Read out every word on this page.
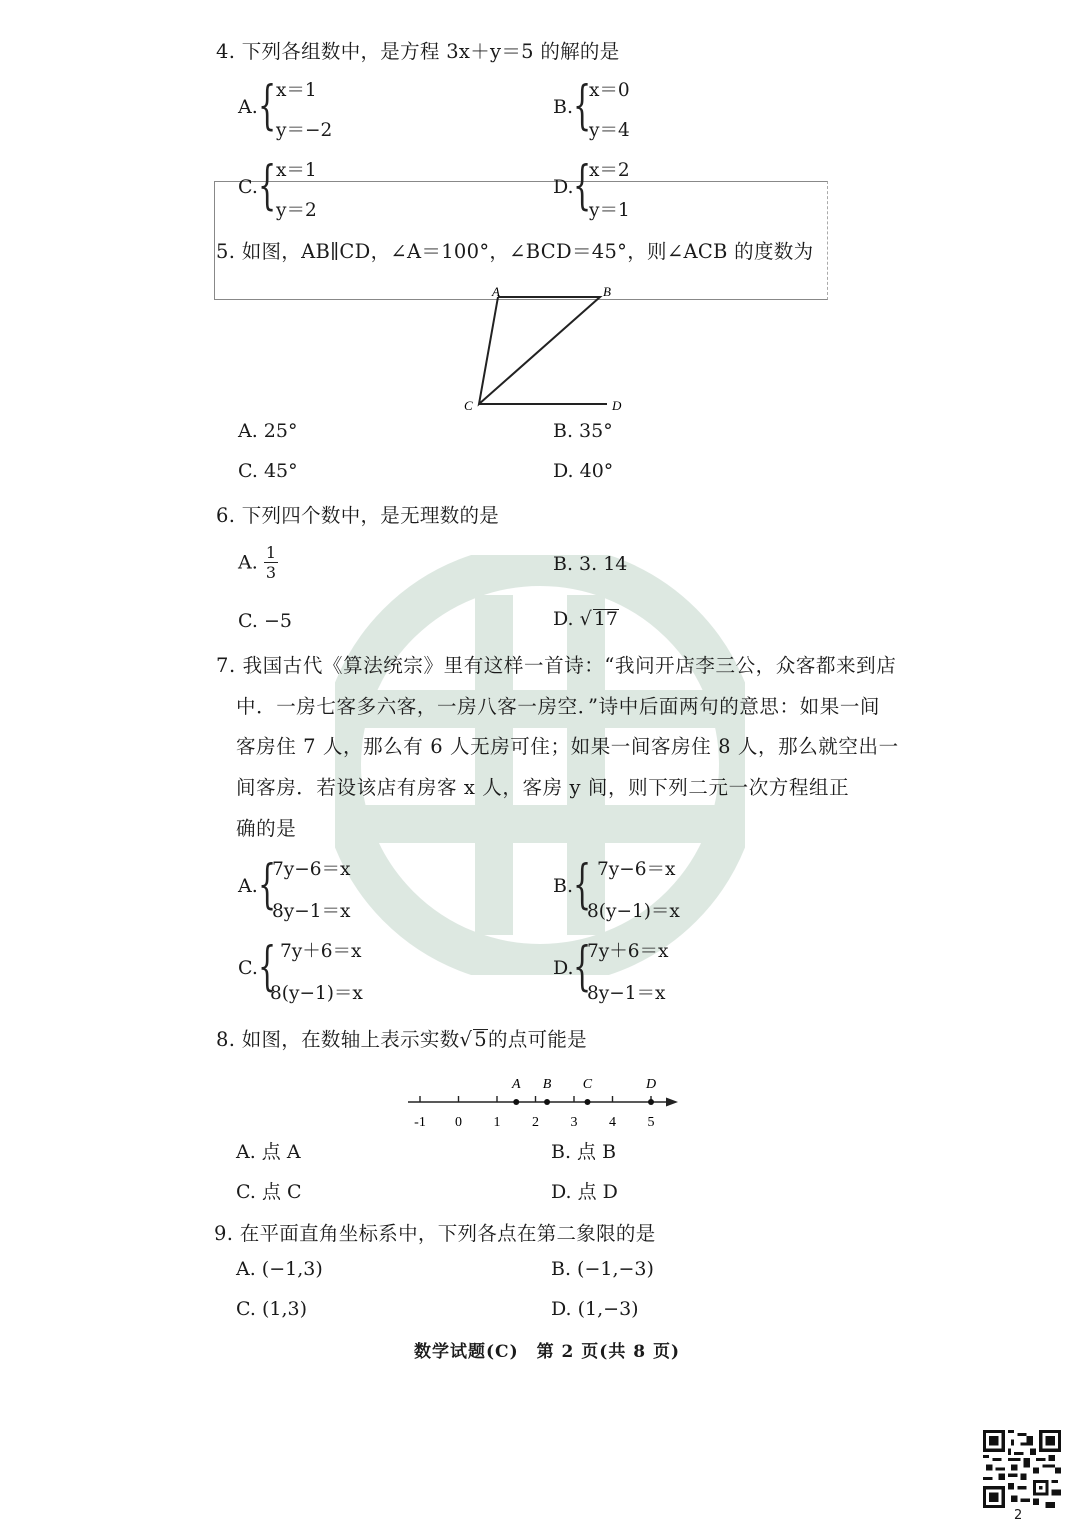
4. 下列各组数中，是方程 3x＋y＝5 的解的是
A. { x＝1
y＝−2
B. {
x＝0
y＝4
C. { x＝1
y＝2
D. {
x＝2
y＝1
5. 如图，AB∥CD，∠A＝100°，∠BCD＝45°，则∠ACB 的度数为
A	B
C	D
A. 25°	B. 35°
C. 45°	D. 40°
6. 下列四个数中，是无理数的是
A. $\frac{1}{3}$	B. 3. 14
C. −5	D. √ 17
7. 我国古代《算法统宗》里有这样一首诗：“我问开店李三公，众客都来到店
中．一房七客多六客，一房八客一房空．”诗中后面两句的意思：如果一间
客房住 7 人，那么有 6 人无房可住；如果一间客房住 8 人，那么就空出一
间客房．若设该店有房客 x 人，客房 y 间，则下列二元一次方程组正
确的是
A. {
7y−6＝x
8y−1＝x
B. { 7y−6＝x
8(y−1)＝x
C. { 7y＋6＝x
8(y−1)＝x
D. {
7y＋6＝x
8y−1＝x
8. 如图，在数轴上表示实数√ 5的点可能是
-1 0 1 2 3 4 5
A B C	D
A. 点 A	B. 点 B
C. 点 C	D. 点 D
9. 在平面直角坐标系中，下列各点在第二象限的是
A. (−1,3)	B. (−1,−3)
C. (1,3)	D. (1,−3)
数学试题(C)　第 2 页(共 8 页)
2
